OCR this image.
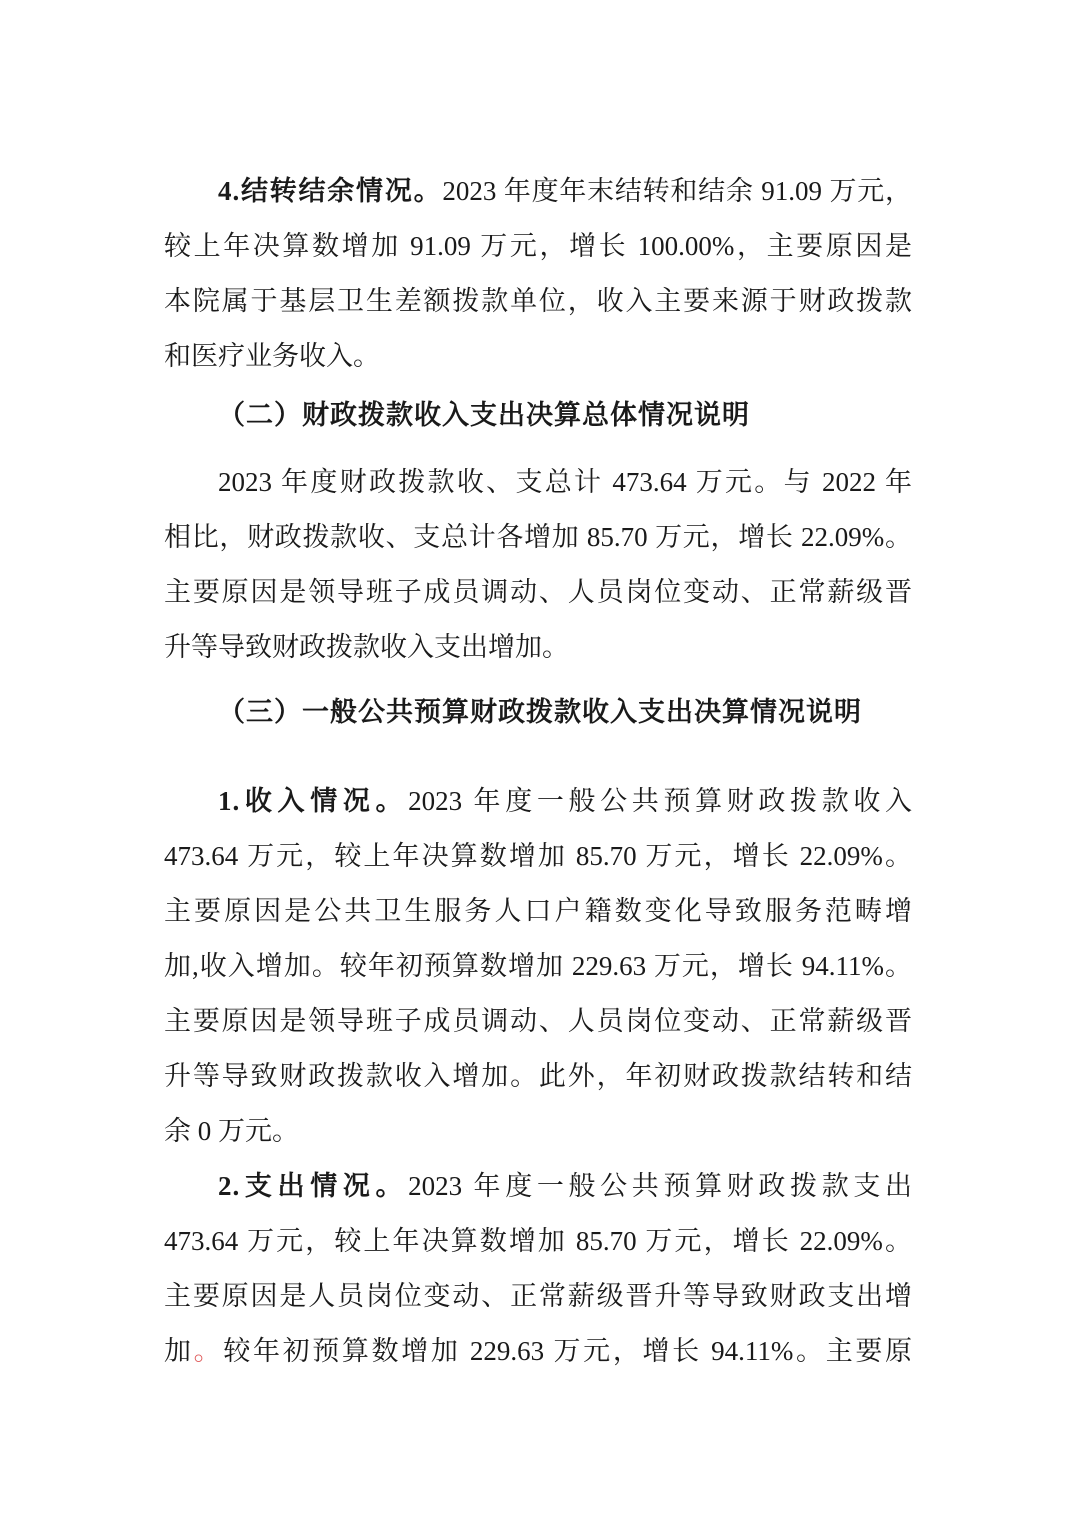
4.结转结余情况。2023 年度年末结转和结余 91.09 万元，
较上年决算数增加 91.09 万元，增长 100.00%，主要原因是
本院属于基层卫生差额拨款单位，收入主要来源于财政拨款
和医疗业务收入。
（二）财政拨款收入支出决算总体情况说明
2023 年度财政拨款收、支总计 473.64 万元。与 2022 年
相比，财政拨款收、支总计各增加 85.70 万元，增长 22.09%。
主要原因是领导班子成员调动、人员岗位变动、正常薪级晋
升等导致财政拨款收入支出增加。
（三）一般公共预算财政拨款收入支出决算情况说明
1.收入情况。2023 年度一般公共预算财政拨款收入
473.64 万元，较上年决算数增加 85.70 万元，增长 22.09%。
主要原因是公共卫生服务人口户籍数变化导致服务范畴增
加,收入增加。较年初预算数增加 229.63 万元，增长 94.11%。
主要原因是领导班子成员调动、人员岗位变动、正常薪级晋
升等导致财政拨款收入增加。此外，年初财政拨款结转和结
余 0 万元。
2.支出情况。2023 年度一般公共预算财政拨款支出
473.64 万元，较上年决算数增加 85.70 万元，增长 22.09%。
主要原因是人员岗位变动、正常薪级晋升等导致财政支出增
加。较年初预算数增加 229.63 万元，增长 94.11%。主要原
